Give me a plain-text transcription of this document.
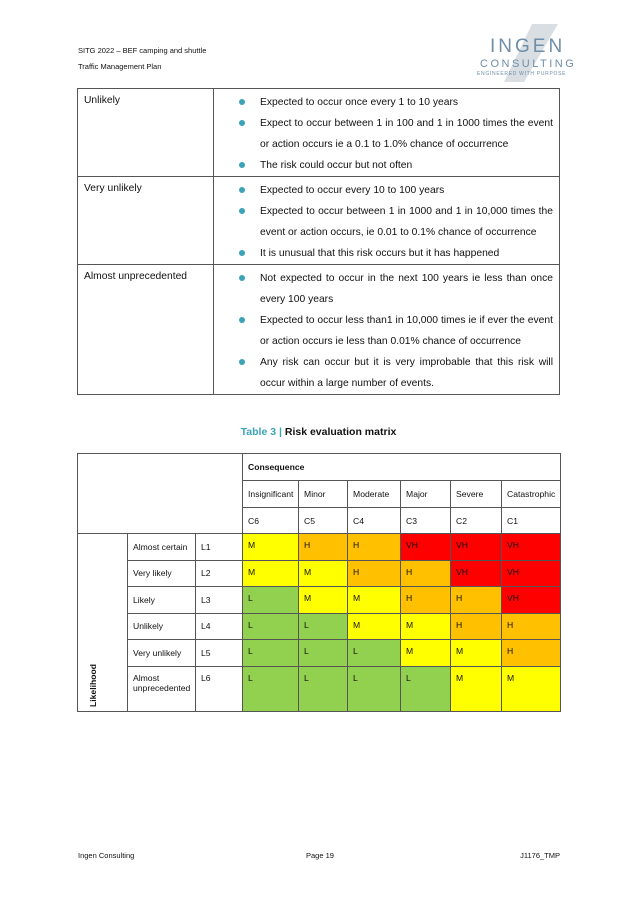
SITG 2022 – BEF camping and shuttle
Traffic Management Plan
INGEN
CONSULTING
ENGINEERED WITH PURPOSE
Unlikely	Expected to occur once every 1 to 10 years
Expect to occur between 1 in 100 and 1 in 1000 times the event or action occurs ie a 0.1 to 1.0% chance of occurrence
The risk could occur but not often

Very unlikely	Expected to occur every 10 to 100 years
Expected to occur between 1 in 1000 and 1 in 10,000 times the event or action occurs, ie 0.01 to 0.1% chance of occurrence
It is unusual that this risk occurs but it has happened

Almost unprecedented	Not expected to occur in the next 100 years ie less than once every 100 years
Expected to occur less than1 in 10,000 times ie if ever the event or action occurs ie less than 0.01% chance of occurrence
Any risk can occur but it is very improbable that this risk will occur within a large number of events.
Table 3 | Risk evaluation matrix
			Consequence					
			Insignificant	Minor	Moderate	Major	Severe	Catastrophic
			C6	C5	C4	C3	C2	C1

Likelihood	Almost certain	L1	M	H	H	VH	VH	VH
	Very likely	L2	M	M	H	H	VH	VH
	Likely	L3	L	M	M	H	H	VH
	Unlikely	L4	L	L	M	M	H	H
	Very unlikely	L5	L	L	L	M	M	H
	Almost unprecedented	L6	L	L	L	L	M	M
Ingen Consulting	Page 19	J1176_TMP
